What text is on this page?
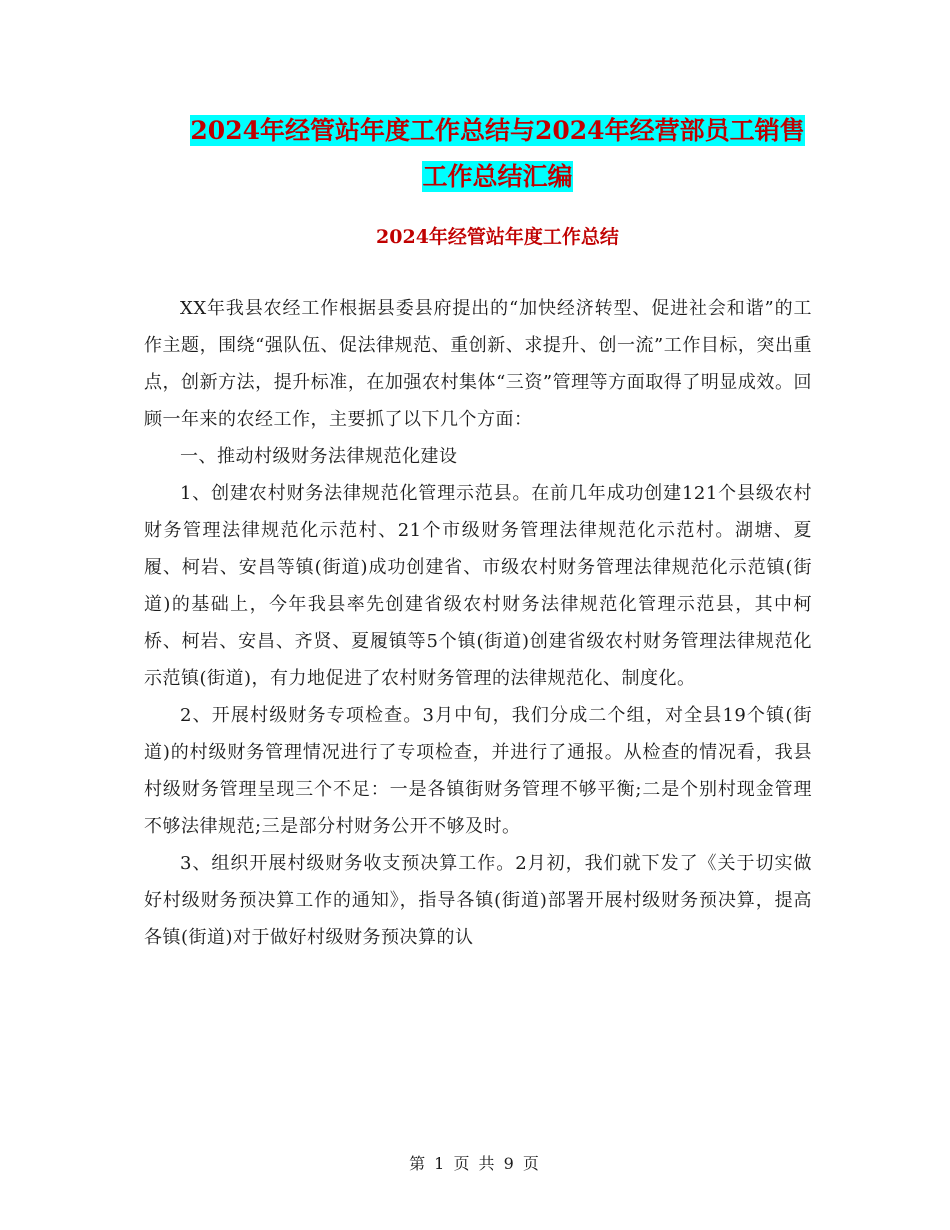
2024年经管站年度工作总结与2024年经营部员工销售
工作总结汇编
2024年经管站年度工作总结

XX年我县农经工作根据县委县府提出的“加快经济转型、促进社会和谐”的工作主题，围绕“强队伍、促法律规范、重创新、求提升、创一流”工作目标，突出重点，创新方法，提升标准，在加强农村集体“三资”管理等方面取得了明显成效。回顾一年来的农经工作，主要抓了以下几个方面：

一、推动村级财务法律规范化建设

1、创建农村财务法律规范化管理示范县。在前几年成功创建121个县级农村财务管理法律规范化示范村、21个市级财务管理法律规范化示范村。湖塘、夏履、柯岩、安昌等镇(街道)成功创建省、市级农村财务管理法律规范化示范镇(街道)的基础上，今年我县率先创建省级农村财务法律规范化管理示范县，其中柯桥、柯岩、安昌、齐贤、夏履镇等5个镇(街道)创建省级农村财务管理法律规范化示范镇(街道)，有力地促进了农村财务管理的法律规范化、制度化。

2、开展村级财务专项检查。3月中旬，我们分成二个组，对全县19个镇(街道)的村级财务管理情况进行了专项检查，并进行了通报。从检查的情况看，我县村级财务管理呈现三个不足：一是各镇街财务管理不够平衡;二是个别村现金管理不够法律规范;三是部分村财务公开不够及时。

3、组织开展村级财务收支预决算工作。2月初，我们就下发了《关于切实做好村级财务预决算工作的通知》，指导各镇(街道)部署开展村级财务预决算，提高各镇(街道)对于做好村级财务预决算的认

第 1 页 共 9 页
